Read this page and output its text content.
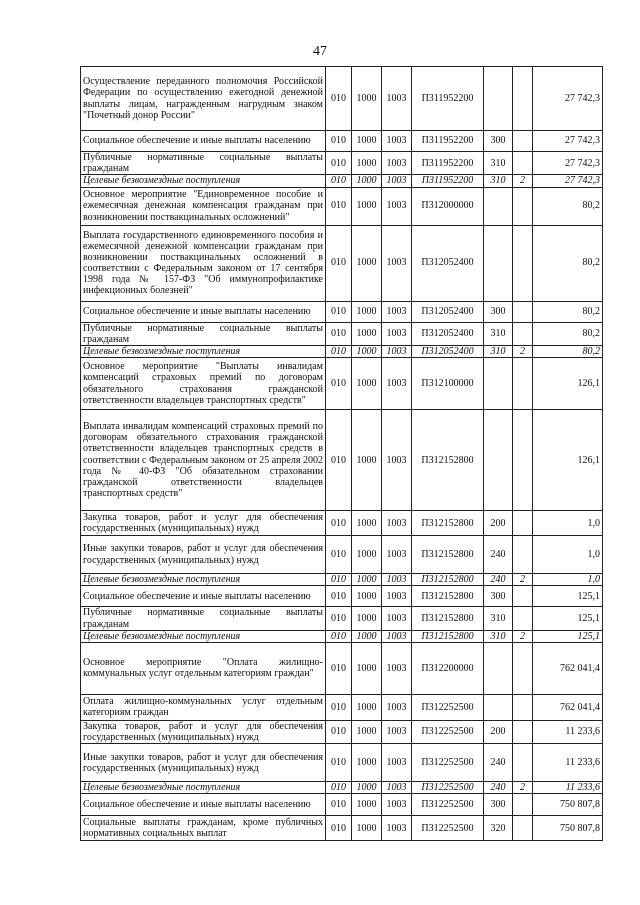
47
Осуществление переданного полномочия Российской Федерации по осуществлению ежегодной денежной выплаты лицам, награжденным нагрудным знаком "Почетный донор России"	010	1000	1003	П311952200			27 742,3
Социальное обеспечение и иные выплаты населению	010	1000	1003	П311952200	300		27 742,3
Публичные нормативные социальные выплаты гражданам	010	1000	1003	П311952200	310		27 742,3
Целевые безвозмездные поступления	010	1000	1003	П311952200	310	2	27 742,3
Основное мероприятие "Единовременное пособие и ежемесячная денежная компенсация гражданам при возникновении поствакцинальных осложнений"	010	1000	1003	П312000000			80,2
Выплата государственного единовременного пособия и ежемесячной денежной компенсации гражданам при возникновении поствакцинальных осложнений в соответствии с Федеральным законом от 17 сентября 1998 года № 157-ФЗ "Об иммунопрофилактике инфекционных болезней"	010	1000	1003	П312052400			80,2
Социальное обеспечение и иные выплаты населению	010	1000	1003	П312052400	300		80,2
Публичные нормативные социальные выплаты гражданам	010	1000	1003	П312052400	310		80,2
Целевые безвозмездные поступления	010	1000	1003	П312052400	310	2	80,2
Основное мероприятие "Выплаты инвалидам компенсаций страховых премий по договорам обязательного страхования гражданской ответственности владельцев транспортных средств"	010	1000	1003	П312100000			126,1
Выплата инвалидам компенсаций страховых премий по договорам обязательного страхования гражданской ответственности владельцев транспортных средств в соответствии с Федеральным законом от 25 апреля 2002 года № 40-ФЗ "Об обязательном страховании гражданской ответственности владельцев транспортных средств"	010	1000	1003	П312152800			126,1
Закупка товаров, работ и услуг для обеспечения государственных (муниципальных) нужд	010	1000	1003	П312152800	200		1,0
Иные закупки товаров, работ и услуг для обеспечения государственных (муниципальных) нужд	010	1000	1003	П312152800	240		1,0
Целевые безвозмездные поступления	010	1000	1003	П312152800	240	2	1,0
Социальное обеспечение и иные выплаты населению	010	1000	1003	П312152800	300		125,1
Публичные нормативные социальные выплаты гражданам	010	1000	1003	П312152800	310		125,1
Целевые безвозмездные поступления	010	1000	1003	П312152800	310	2	125,1
Основное мероприятие "Оплата жилищно-коммунальных услуг отдельным категориям граждан"	010	1000	1003	П312200000			762 041,4
Оплата жилищно-коммунальных услуг отдельным категориям граждан	010	1000	1003	П312252500			762 041,4
Закупка товаров, работ и услуг для обеспечения государственных (муниципальных) нужд	010	1000	1003	П312252500	200		11 233,6
Иные закупки товаров, работ и услуг для обеспечения государственных (муниципальных) нужд	010	1000	1003	П312252500	240		11 233,6
Целевые безвозмездные поступления	010	1000	1003	П312252500	240	2	11 233,6
Социальное обеспечение и иные выплаты населению	010	1000	1003	П312252500	300		750 807,8
Социальные выплаты гражданам, кроме публичных нормативных социальных выплат	010	1000	1003	П312252500	320		750 807,8
